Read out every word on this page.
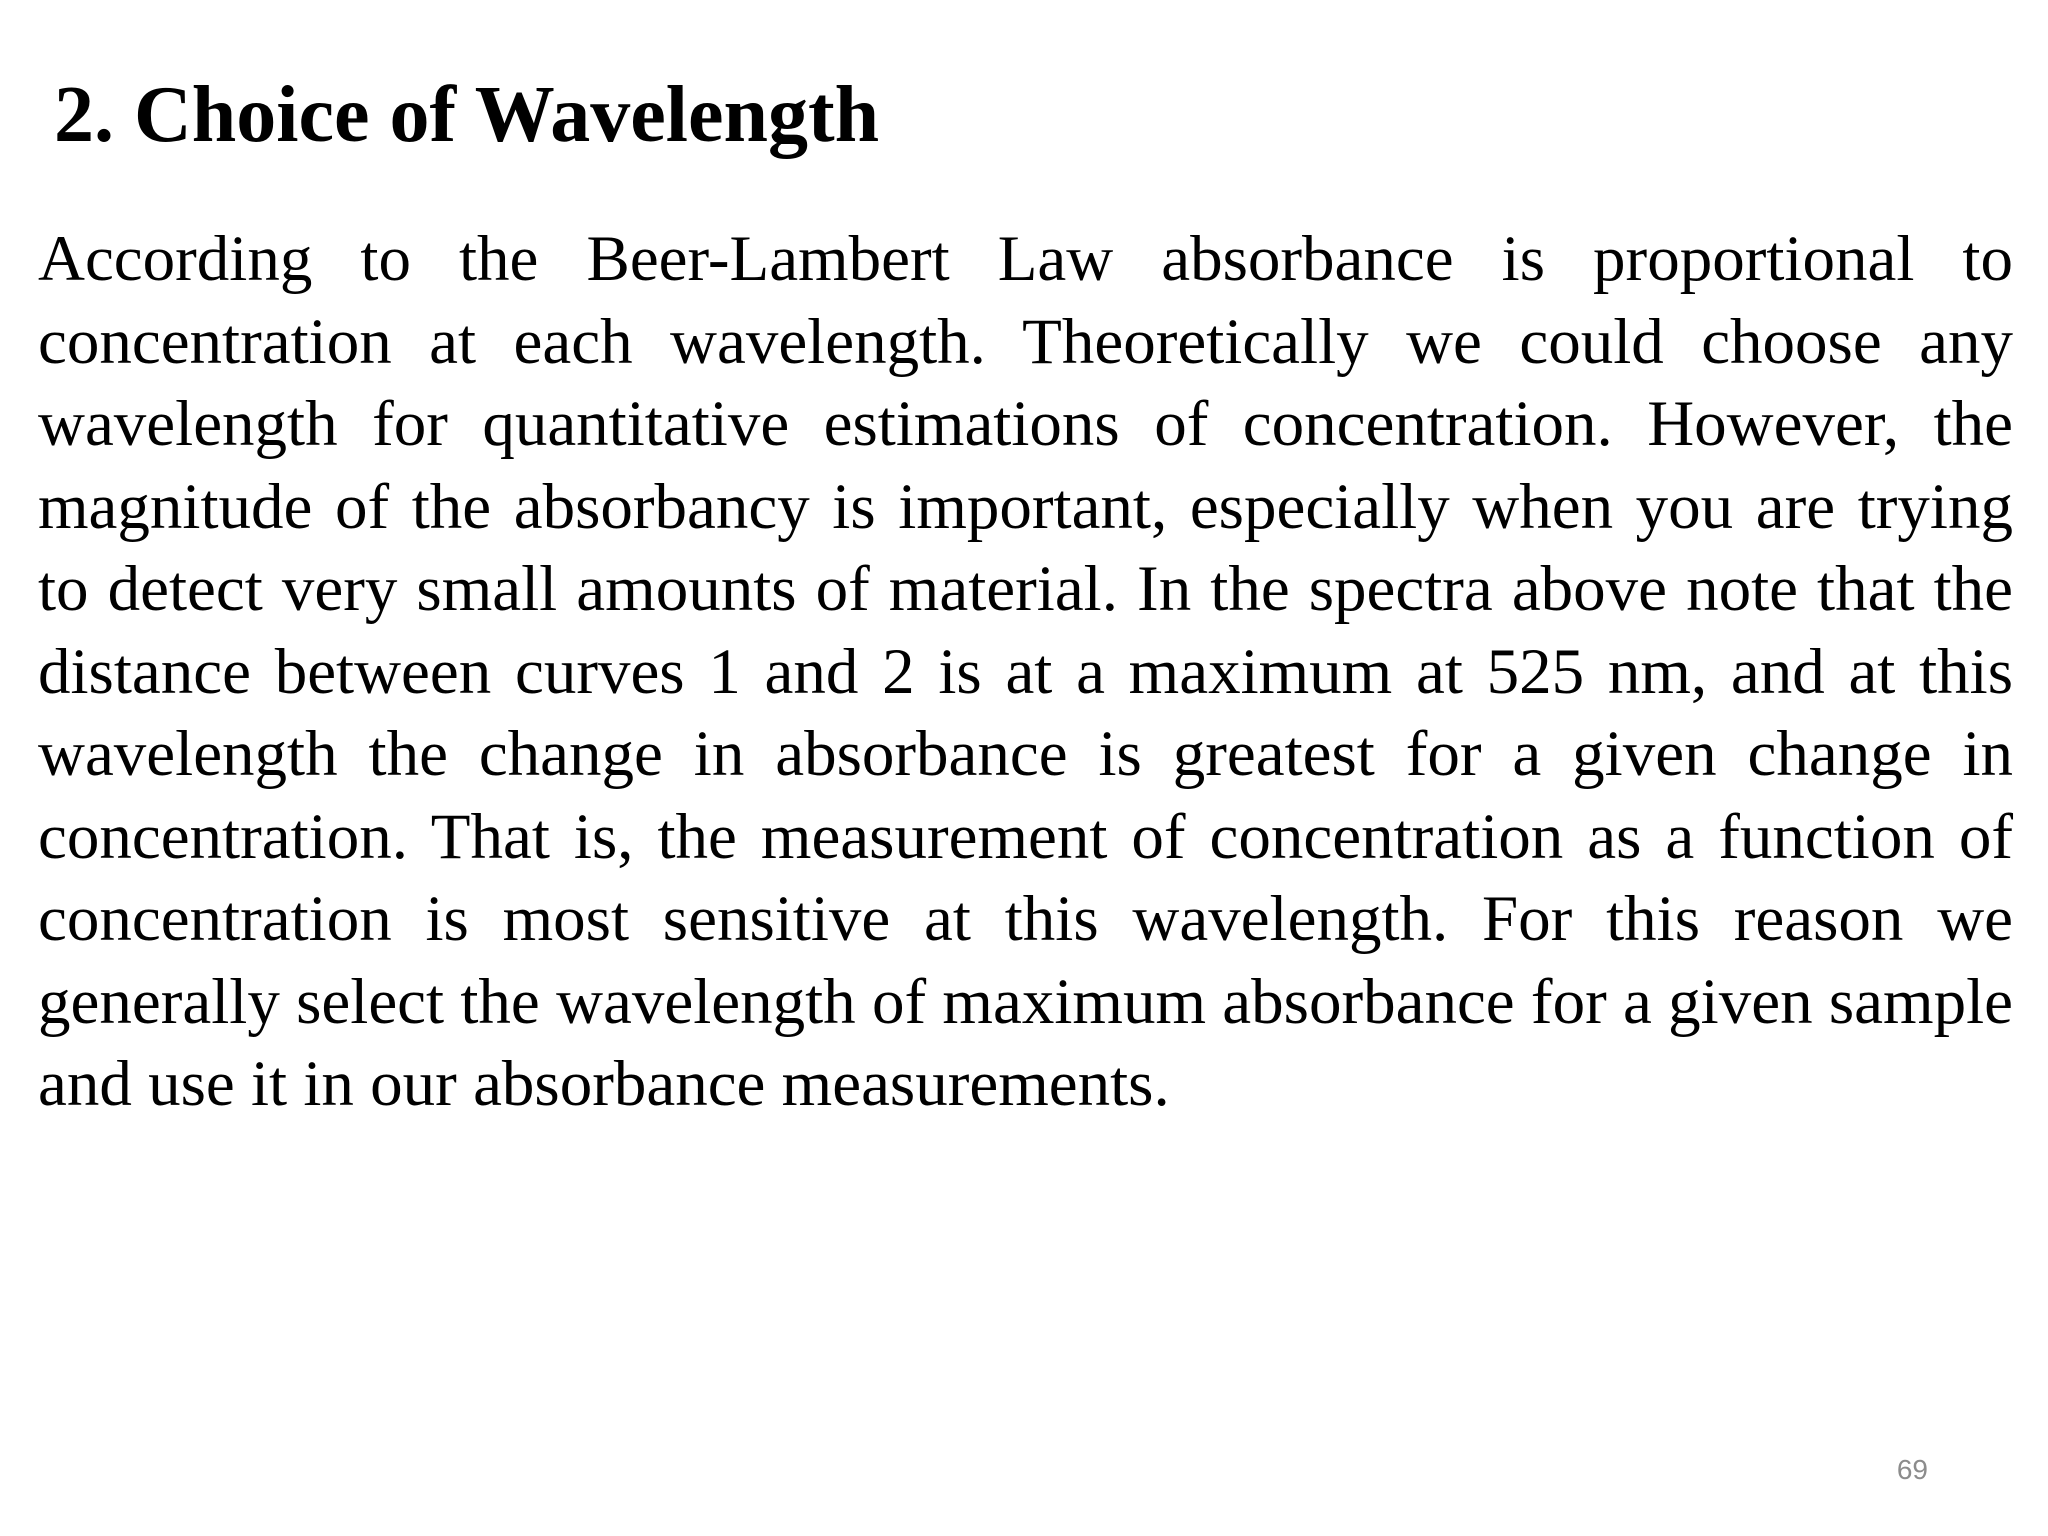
2. Choice of Wavelength

According to the Beer-Lambert Law absorbance is proportional to concentration at each wavelength. Theoretically we could choose any wavelength for quantitative estimations of concentration. However, the magnitude of the absorbancy is important, especially when you are trying to detect very small amounts of material. In the spectra above note that the distance between curves 1 and 2 is at a maximum at 525 nm, and at this wavelength the change in absorbance is greatest for a given change in concentration. That is, the measurement of concentration as a function of concentration is most sensitive at this wavelength. For this reason we generally select the wavelength of maximum absorbance for a given sample and use it in our absorbance measurements.

69
